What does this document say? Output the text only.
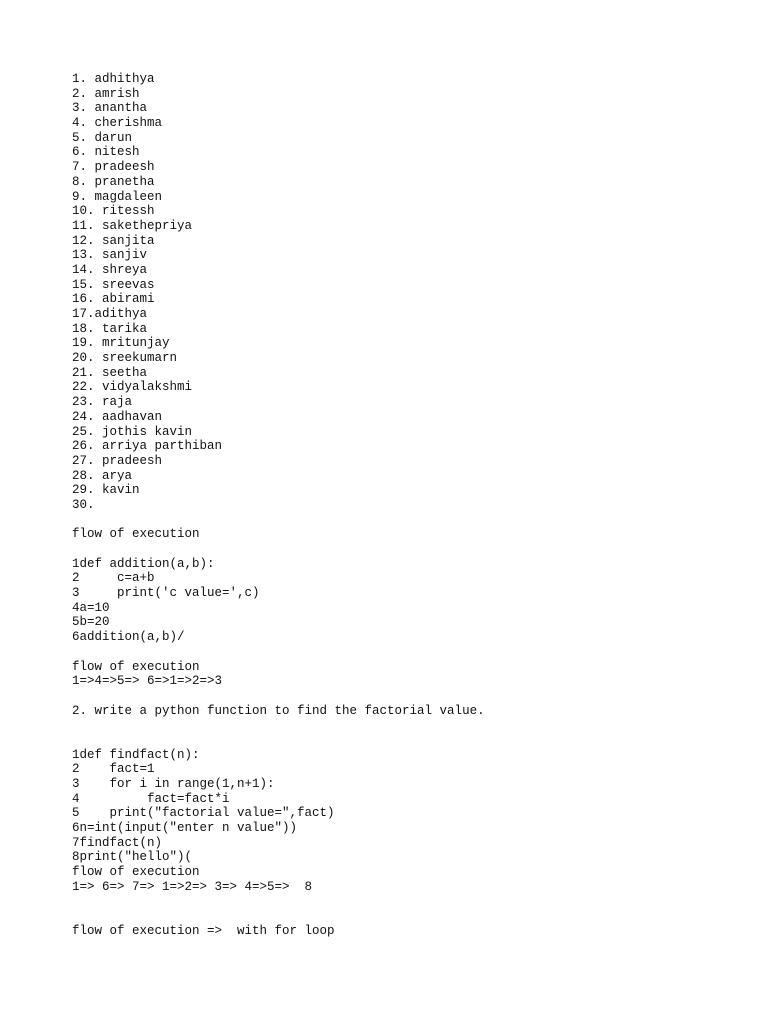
1. adhithya
2. amrish
3. anantha
4. cherishma
5. darun
6. nitesh
7. pradeesh
8. pranetha
9. magdaleen
10. ritessh
11. sakethepriya
12. sanjita
13. sanjiv
14. shreya
15. sreevas
16. abirami
17.adithya
18. tarika
19. mritunjay
20. sreekumarn
21. seetha
22. vidyalakshmi
23. raja
24. aadhavan
25. jothis kavin
26. arriya parthiban
27. pradeesh
28. arya
29. kavin
30.
flow of execution
1def addition(a,b):
2     c=a+b
3     print('c value=',c)
4a=10
5b=20
6addition(a,b)/
flow of execution
1=>4=>5=> 6=>1=>2=>3
2. write a python function to find the factorial value.
1def findfact(n):
2    fact=1
3    for i in range(1,n+1):
4         fact=fact*i
5    print("factorial value=",fact)
6n=int(input("enter n value"))
7findfact(n)
8print("hello")(
flow of execution
1=> 6=> 7=> 1=>2=> 3=> 4=>5=>  8
flow of execution =>  with for loop
